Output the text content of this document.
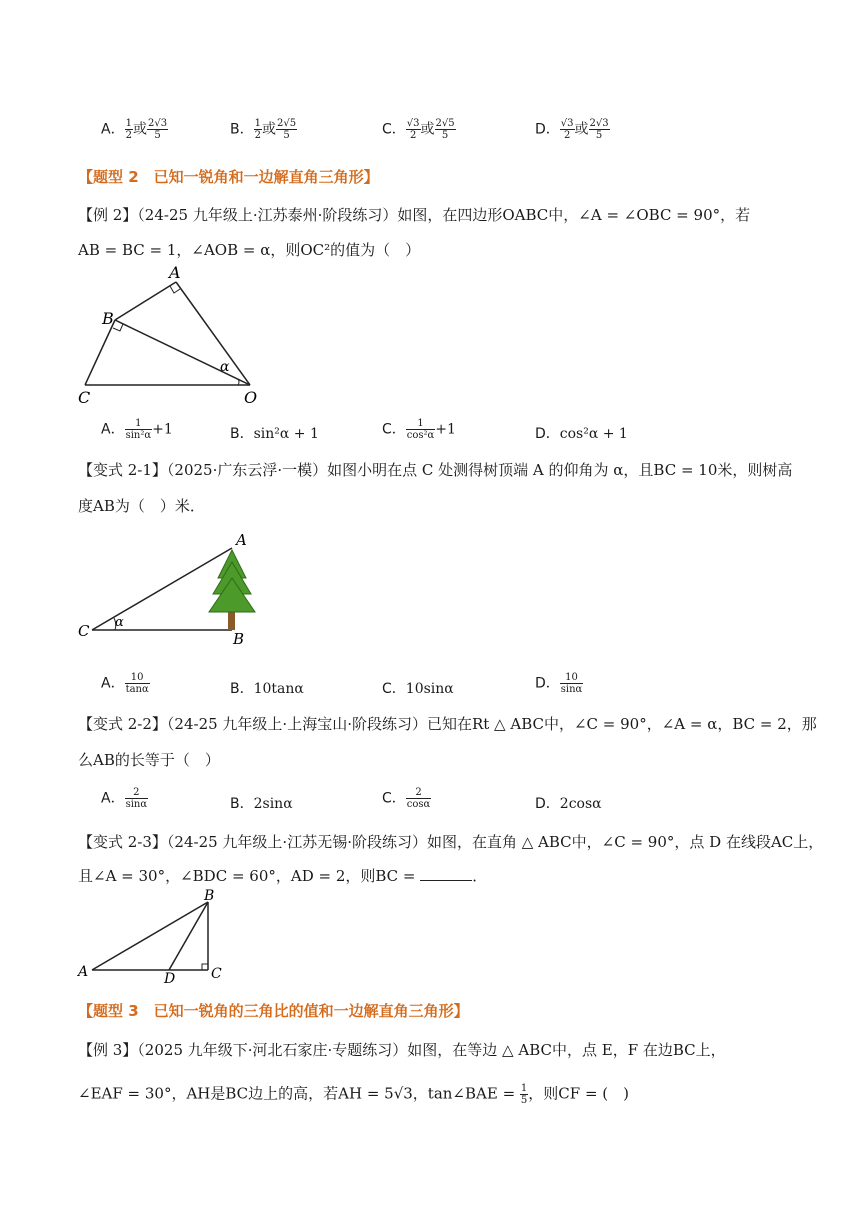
A． $\frac{1}{2}$ 或 $\frac{2√3}{5}$	B． $\frac{1}{2}$ 或 $\frac{2√5}{5}$	C． $\frac{√3}{2}$ 或 $\frac{2√5}{5}$	D． $\frac{√3}{2}$ 或 $\frac{2√3}{5}$
【题型 2　已知一锐角和一边解直角三角形】
【例 2】（24-25 九年级上·江苏泰州·阶段练习）如图，在四边形OABC中，∠A = ∠OBC = 90°，若
AB = BC = 1，∠AOB = α，则OC²的值为（　）
A
B
C	O
α
A． $\frac{1}{\text{sin²α}} +1$	B．sin²α + 1	C． $\frac{1}{\text{cos²α}} +1$	D．cos²α + 1
【变式 2-1】（2025·广东云浮·一模）如图小明在点 C 处测得树顶端 A 的仰角为 α，且BC = 10米，则树高
度AB为（　）米．
A
B
C α
A． $\frac{10}{\tan\alpha}$	B．10tanα	C．10sinα	D． $\frac{10}{\sin\alpha}$
【变式 2-2】（24-25 九年级上·上海宝山·阶段练习）已知在Rt △ ABC中，∠C = 90°，∠A = α，BC = 2，那
么AB的长等于（　）
A． $\frac{2}{\sin\alpha}$	B．2sinα	C． $\frac{2}{\cos\alpha}$	D．2cosα
【变式 2-3】（24-25 九年级上·江苏无锡·阶段练习）如图，在直角 △ ABC中，∠C = 90°，点 D 在线段AC上，
且∠A = 30°，∠BDC = 60°，AD = 2，则BC =	．
B
A	D	C
【题型 3　已知一锐角的三角比的值和一边解直角三角形】
【例 3】（2025 九年级下·河北石家庄·专题练习）如图，在等边 △ ABC中，点 E，F 在边BC上，
∠EAF = 30°，AH是BC边上的高，若AH = 5√3，tan∠BAE = $\frac{1}{5}$ ，则CF = (　)
